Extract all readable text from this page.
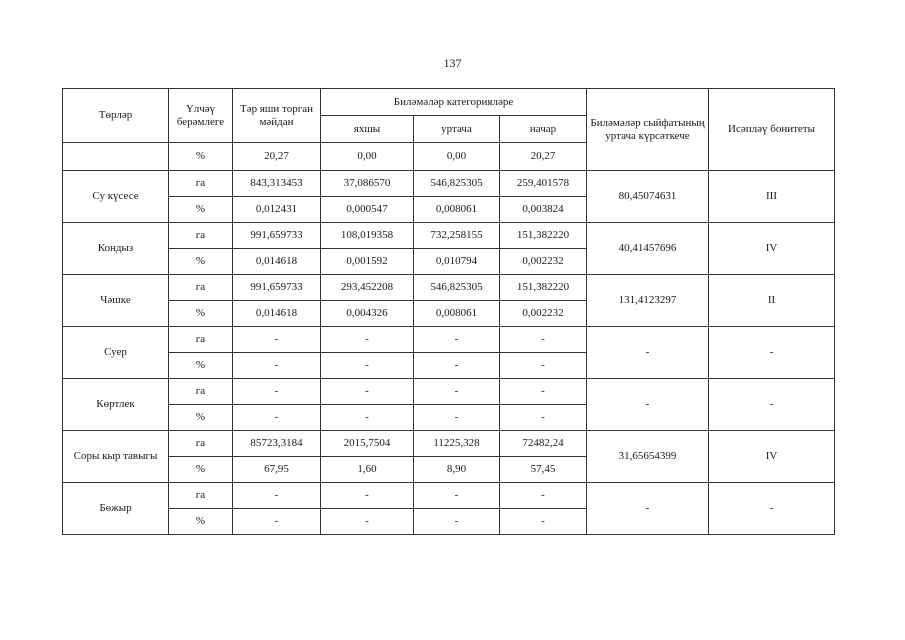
137
Төрләр	Үлчәү берәмлеге	Тәр яши торган мәйдан	Биләмәләр категорияләре			Биләмәләр сыйфатының уртача күрсәткече	Исәпләү бонитеты
			яхшы	уртача	начар		
	%	20,27	0,00	0,00	20,27		
Су күсесе	га	843,313453	37,086570	546,825305	259,401578	80,45074631	III
	%	0,012431	0,000547	0,008061	0,003824		
Кондыз	га	991,659733	108,019358	732,258155	151,382220	40,41457696	IV
	%	0,014618	0,001592	0,010794	0,002232		
Чәшке	га	991,659733	293,452208	546,825305	151,382220	131,4123297	II
	%	0,014618	0,004326	0,008061	0,002232		
Суер	га	-	-	-	-	-	-
	%	-	-	-	-		
Көртлек	га	-	-	-	-	-	-
	%	-	-	-	-		
Соры кыр тавыгы	га	85723,3184	2015,7504	11225,328	72482,24	31,65654399	IV
	%	67,95	1,60	8,90	57,45		
Бөжыр	га	-	-	-	-	-	-
	%	-	-	-	-		
